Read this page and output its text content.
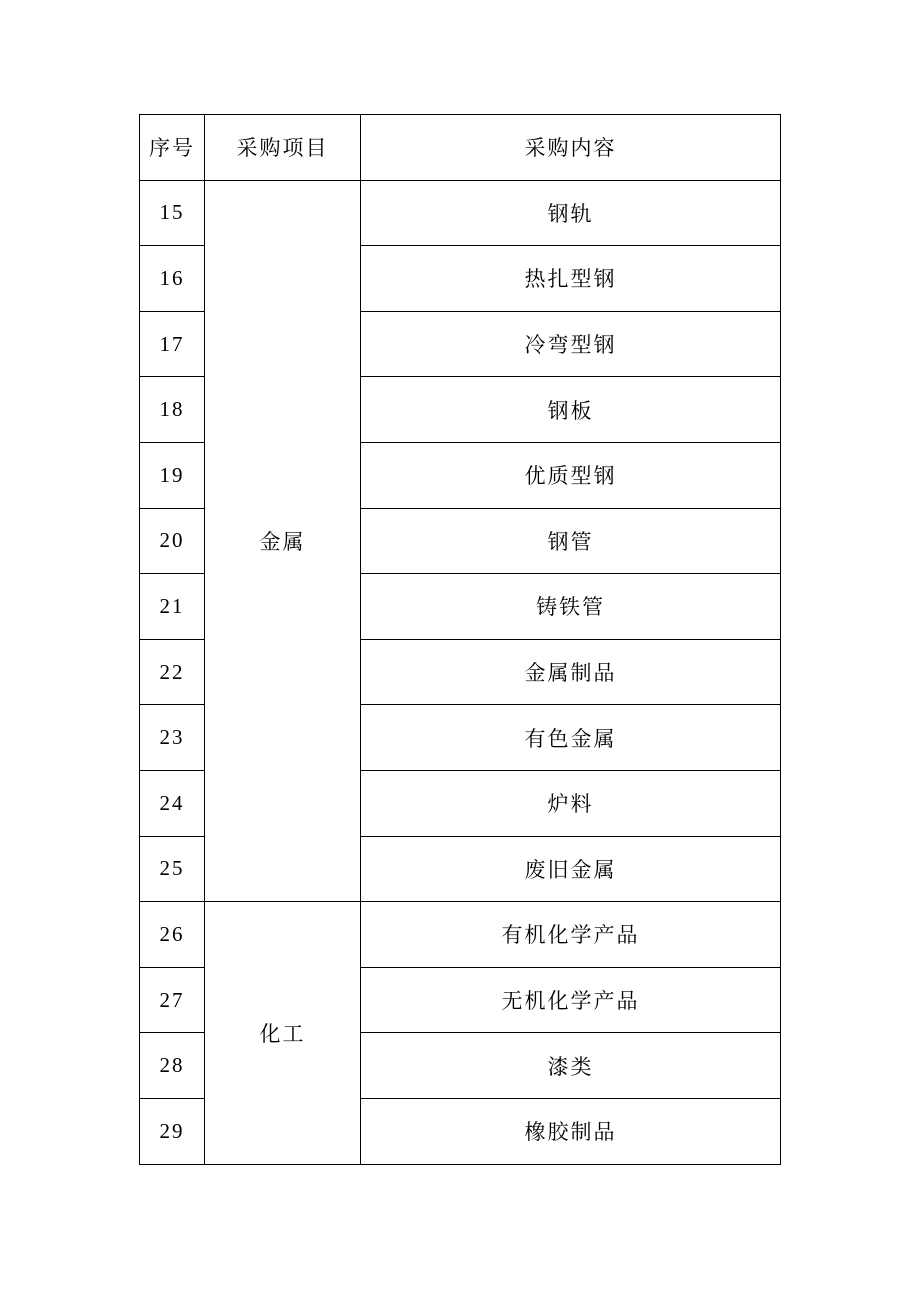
序号	采购项目	采购内容
15	金属	钢轨
16		热扎型钢
17		冷弯型钢
18		钢板
19		优质型钢
20		钢管
21		铸铁管
22		金属制品
23		有色金属
24		炉料
25		废旧金属
26	化工	有机化学产品
27		无机化学产品
28		漆类
29		橡胶制品
